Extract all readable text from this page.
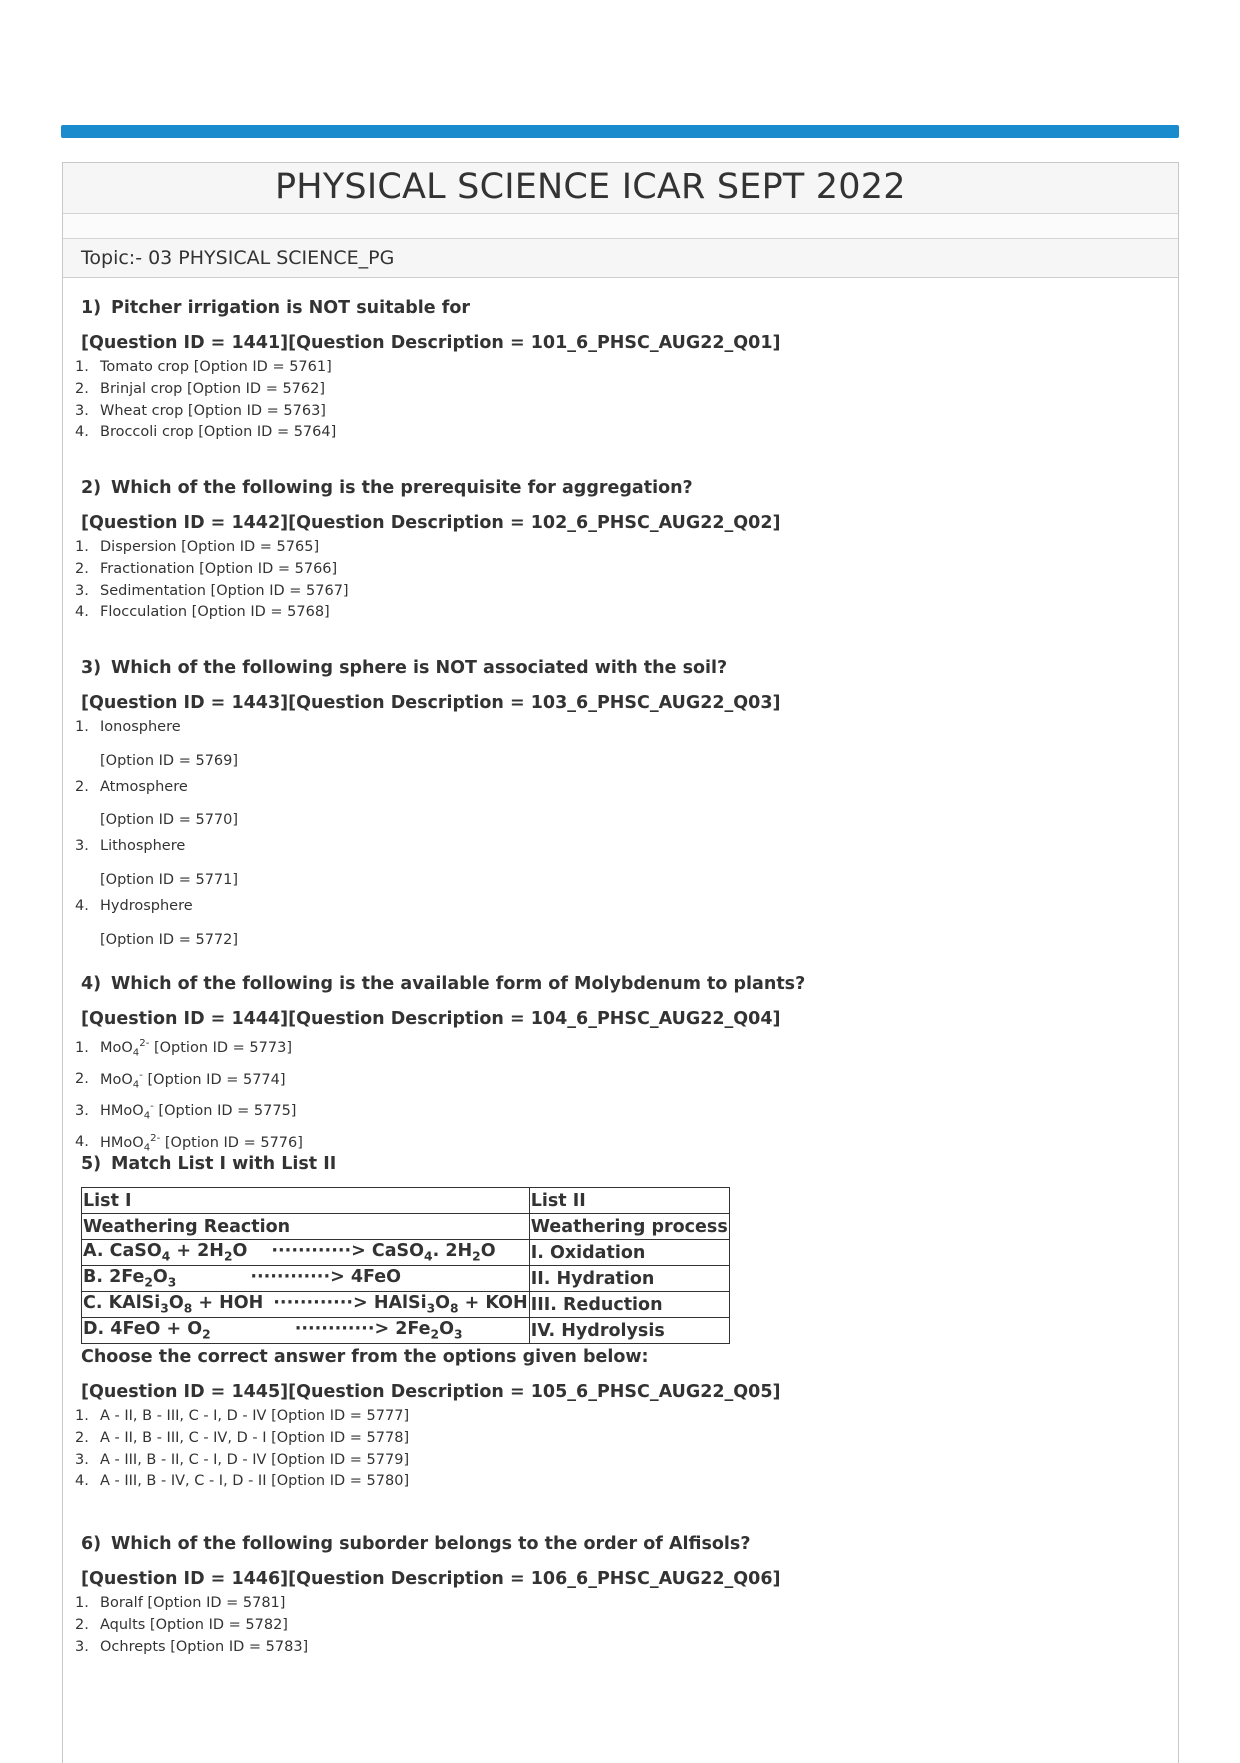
PHYSICAL SCIENCE ICAR SEPT 2022
Topic:- 03 PHYSICAL SCIENCE_PG

1) Pitcher irrigation is NOT suitable for

[Question ID = 1441][Question Description = 101_6_PHSC_AUG22_Q01]
1. Tomato crop [Option ID = 5761]
2. Brinjal crop [Option ID = 5762]
3. Wheat crop [Option ID = 5763]
4. Broccoli crop [Option ID = 5764]

2) Which of the following is the prerequisite for aggregation?

[Question ID = 1442][Question Description = 102_6_PHSC_AUG22_Q02]
1. Dispersion [Option ID = 5765]
2. Fractionation [Option ID = 5766]
3. Sedimentation [Option ID = 5767]
4. Flocculation [Option ID = 5768]

3) Which of the following sphere is NOT associated with the soil?

[Question ID = 1443][Question Description = 103_6_PHSC_AUG22_Q03]
1. Ionosphere
[Option ID = 5769]
2. Atmosphere
[Option ID = 5770]
3. Lithosphere
[Option ID = 5771]
4. Hydrosphere
[Option ID = 5772]

4) Which of the following is the available form of Molybdenum to plants?

[Question ID = 1444][Question Description = 104_6_PHSC_AUG22_Q04]
1. MoO$_4^{2-}$ [Option ID = 5773]
2. MoO$_4$- [Option ID = 5774]
3. HMoO$_4$- [Option ID = 5775]
4. HMoO$_4^{2-}$ [Option ID = 5776]

5) Match List I with List II

List I	List II
Weathering Reaction	Weathering process
A. CaSO$_4$ + $2H_2O$ ············> CaSO$_4$. $2H_2O$	I. Oxidation
B. $2Fe_2O_3$ ············> 4FeO	II. Hydration
C. $KAlSi_3O_8$ + HOH ············> $HAlSi_3O_8$ + KOH	III. Reduction
D. $4FeO + O_2$ ············> $2Fe_2O_3$	IV. Hydrolysis
Choose the correct answer from the options given below:
[Question ID = 1445][Question Description = 105_6_PHSC_AUG22_Q05]
1. A - II, B - III, C - I, D - IV [Option ID = 5777]
2. A - II, B - III, C - IV, D - I [Option ID = 5778]
3. A - III, B - II, C - I, D - IV [Option ID = 5779]
4. A - III, B - IV, C - I, D - II [Option ID = 5780]

6) Which of the following suborder belongs to the order of Alfisols?

[Question ID = 1446][Question Description = 106_6_PHSC_AUG22_Q06]
1. Boralf [Option ID = 5781]
2. Aqults [Option ID = 5782]
3. Ochrepts [Option ID = 5783]
